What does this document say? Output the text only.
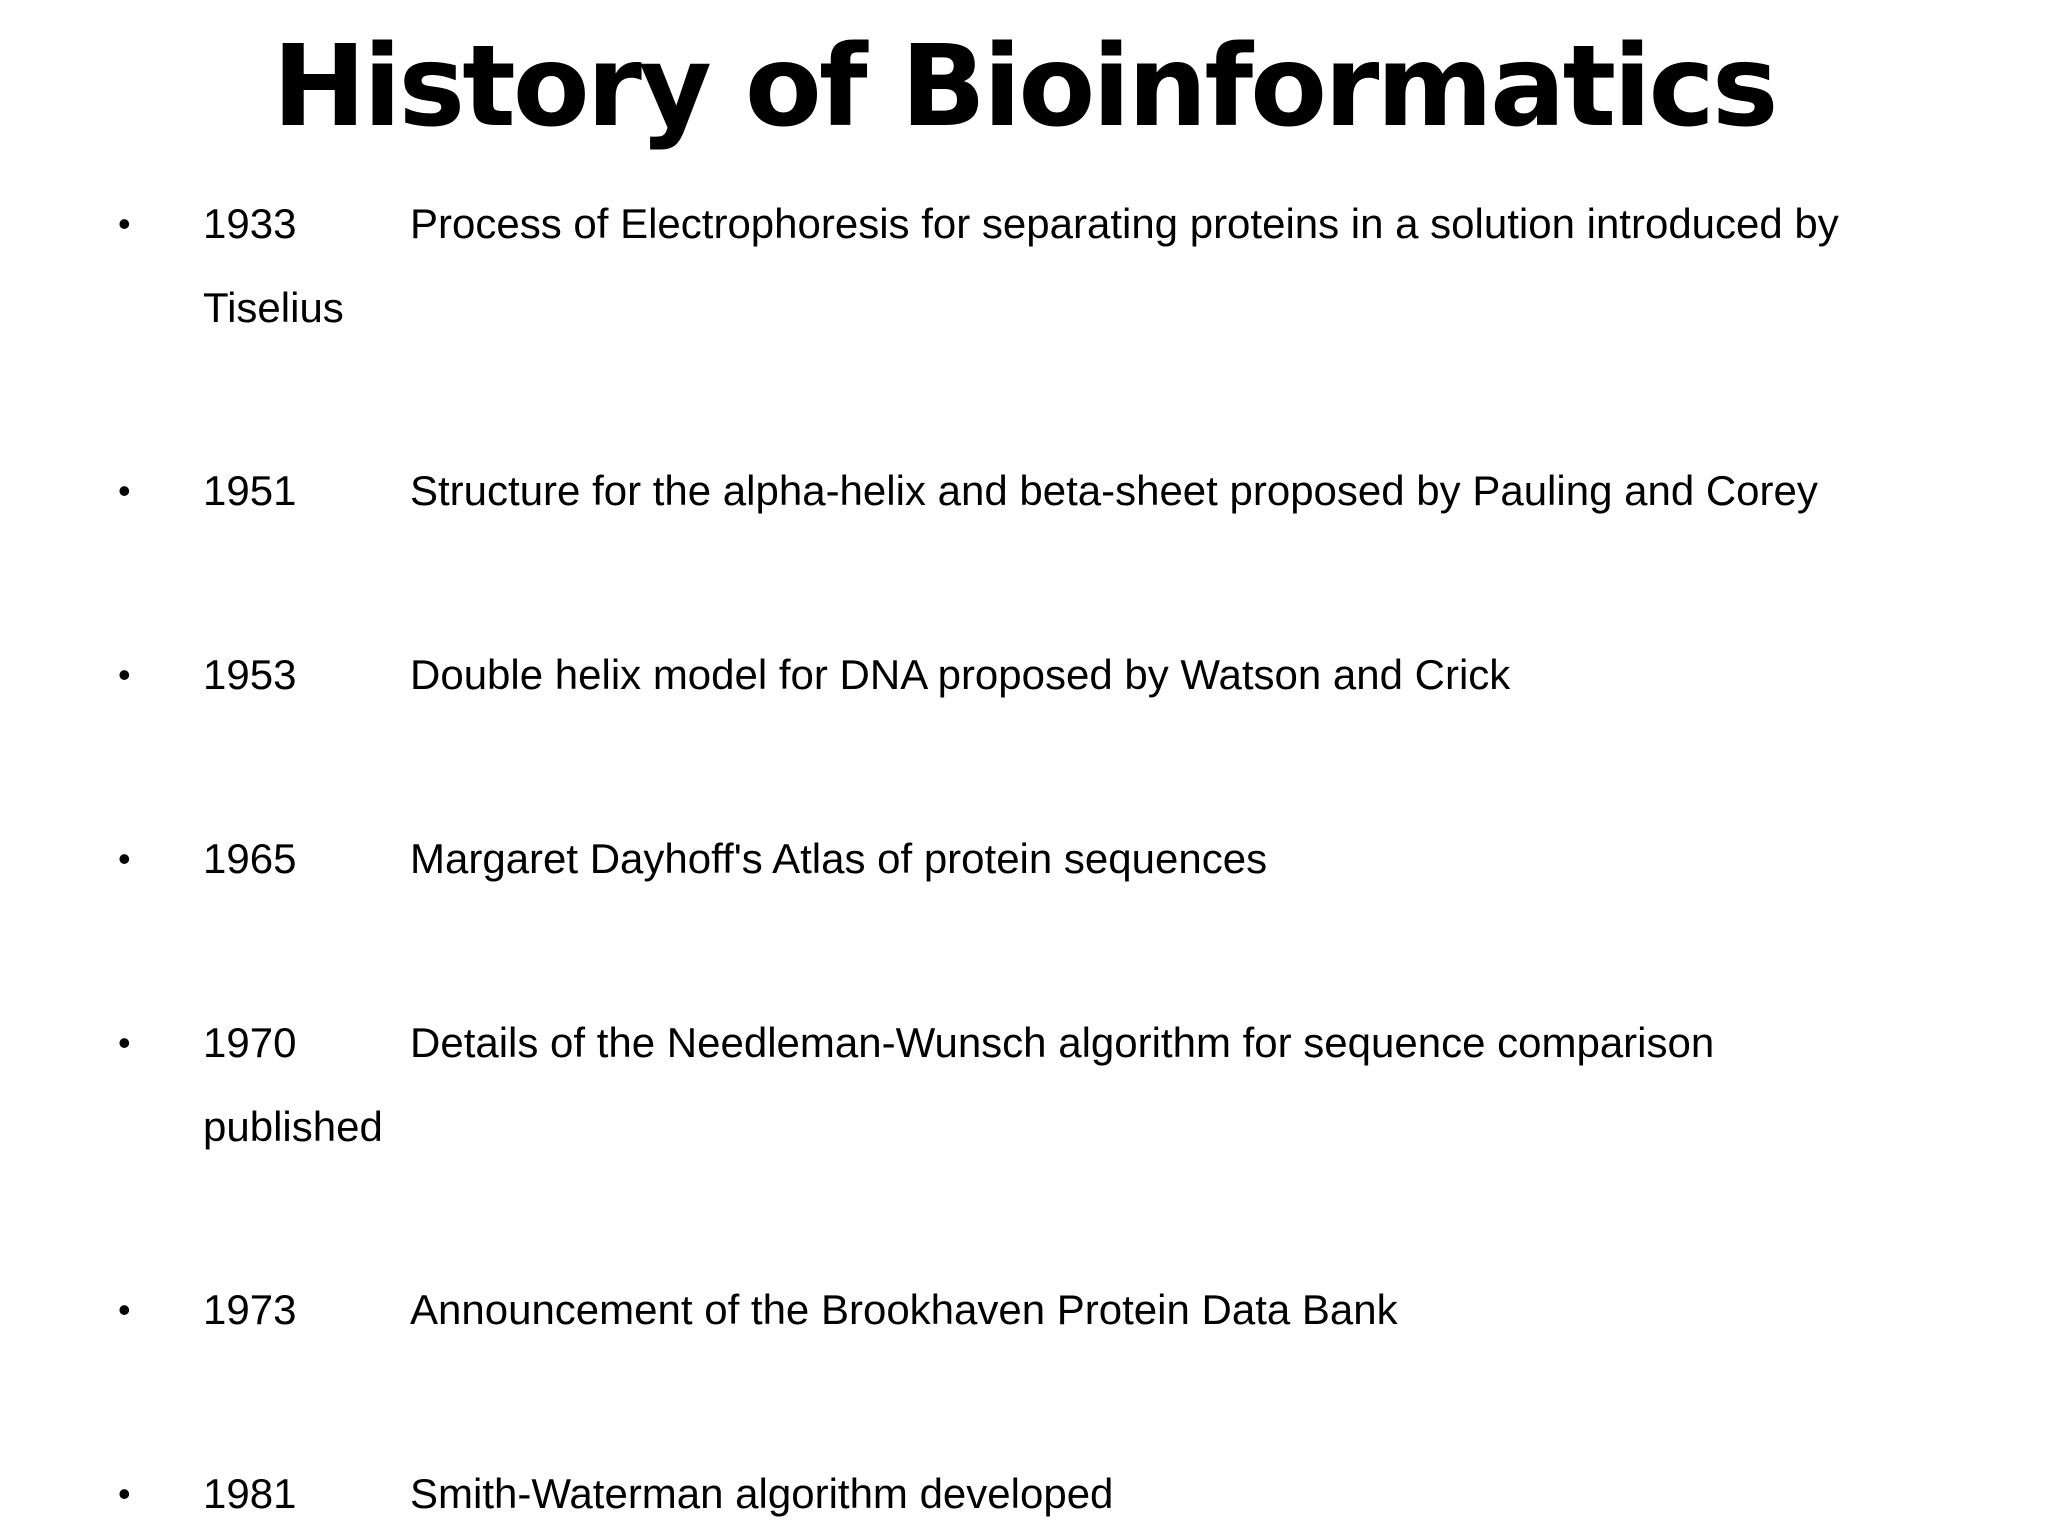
History of Bioinformatics
• 1933	Process of Electrophoresis for separating proteins in a solution introduced by
Tiselius
• 1951	Structure for the alpha-helix and beta-sheet proposed by Pauling and Corey
• 1953	Double helix model for DNA proposed by Watson and Crick
• 1965	Margaret Dayhoff's Atlas of protein sequences
• 1970	Details of the Needleman-Wunsch algorithm for sequence comparison
published
• 1973	Announcement of the Brookhaven Protein Data Bank
• 1981	Smith-Waterman algorithm developed
